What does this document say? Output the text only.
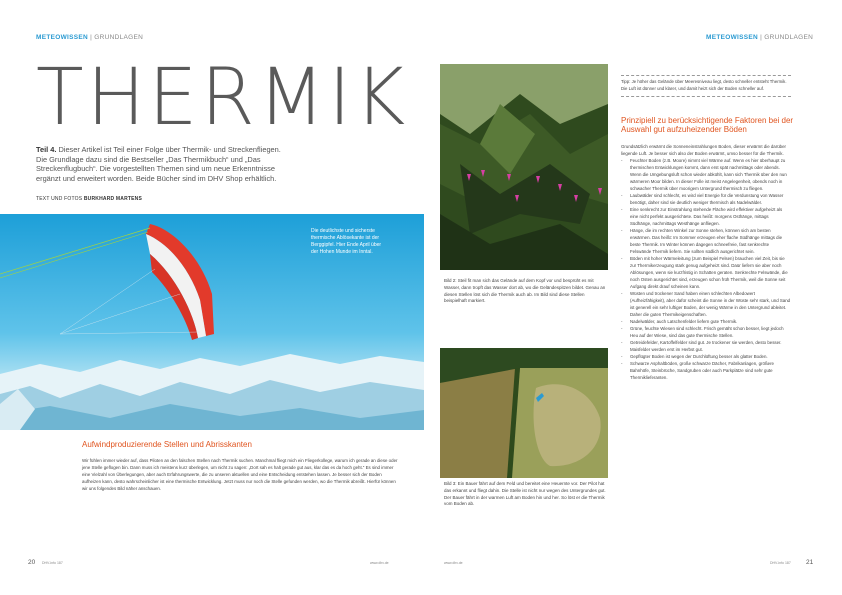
METEOWISSEN | GRUNDLAGEN
THERMIK
Teil 4. Dieser Artikel ist Teil einer Folge über Thermik- und Streckenfliegen. Die Grundlage dazu sind die Bestseller „Das Thermikbuch“ und „Das Streckenflugbuch“. Die vorgestellten Themen sind um neue Erkenntnisse ergänzt und erweitert worden. Beide Bücher sind im DHV Shop erhältlich.
TEXT UND FOTOS BURKHARD MARTENS
Die deutlichste und sicherste thermische Ablösekante ist der Berggipfel. Hier Ende April über der Hohen Munde im Inntal.
Aufwindproduzierende Stellen und Abrisskanten
Wir fühlen immer wieder auf, dass Piloten an den falschen Stellen nach Thermik suchen. Manchmal fliegt mich ein Fliegerkollege, warum ich gerade an diese oder jene Stelle geflogen bin. Dann muss ich meistens kurz überlegen, um nicht zu sagen: „Dort sah es halt gerade gut aus, klar das es da hoch geht.“ Es sind immer eine Vielzahl von Überlegungen, aber auch Erfahrungswerte, die zu unseren aktuellen und eine Entscheidung entstehen lassen. Je besser sich der Boden aufheizen kann, desto wahrscheinlicher ist eine thermische Entwicklung. Jetzt muss nur noch die Stelle gefunden werden, wo die Thermik abreißt. Hierfür können wir uns folgendes Bild näher anschauen.
20 DHV-info 187	www.dhv.de
METEOWISSEN | GRUNDLAGEN
Bild 2: Steil fit man sich das Gelände auf dem Kopf vor und besprüht es mit Wasser, dann tropft das Wasser dort ab, wo die Geländespitzen bildet. Genau an diesen Stellen löst sich die Thermik auch ab. Im Bild sind diese Stellen beispielhaft markiert.
Bild 3: Ein Bauer fährt auf dem Feld und bereitet eine Heuernte vor. Der Pilot hat das erkannt und fliegt dahin. Die Stelle ist nicht nur wegen des Untergrundes gut. Der Bauer fährt in der warmen Luft am Boden hin und her. So löst er die Thermik vom Boden ab.
Tipp: Je höher das Gelände über Meeresniveau liegt, desto schneller entsteht Thermik. Die Luft ist dünner und klarer, und damit heizt sich der Boden schneller auf.
Prinzipiell zu berücksichtigende Faktoren bei der Auswahl gut aufzuheizender Böden

Grundsätzlich erwärmt die Sonneneinstrahlungen Boden, dieser erwärmt die darüber liegende Luft. Je besser sich also der Boden erwärmt, umso besser für die Thermik.

- Feuchter Boden (z.B. Moore) nimmt viel Wärme auf. Wenn es hier überhaupt zu thermischen Entwicklungen kommt, dann erst spät nachmittags oder abends. Wenn die Umgebungsluft schon wieder abkühlt, kann sich Thermik über den nun wärmeren Moor bilden. In dieser Folle ist meist Angelegenheit, obends noch in schwacher Thermik über moorigem Untergrund thermisch zu fliegen.

- Laubwälder sind schlecht, es wird viel Energie für die Verdunstung von Wasser benötigt, daher sind sie deutlich weniger thermisch als Nadelwälder.

- Eine senkrecht zur Einstrahlung stehende Fläche wird effektiver aufgeheizt als eine nicht perfekt ausgerichtete. Das heißt: morgens Osthänge, mittags Südhänge, nachmittags Westhänge anfliegen.

- Hänge, die im rechten Winkel zur Sonne stehen, können sich am besten erwärmen. Das heißt: Im Sommer erzeugen eher flache Südhänge mittags die beste Thermik. Im Winter können dagegen schneefreie, fast senkrechte Felswände Thermik liefern. Sie sollten südlich ausgerichtet sein.

- Böden mit hoher Wärmeleitung (zum Beispiel Felsen) brauchen viel Zeit, bis sie zur Thermikerzeugung stark genug aufgeheizt sind. Daür liefern sie aber noch Ablösungen, wenn sie kurzfristig in Schatten geraten. Senkrechte Felswände, die noch Osten ausgerichtet sind, erzeugen schon früh Thermik, weil die Sonne seit Aufgang direkt drauf scheinen kann.

- Wüsten und trockener Sand haben einen schlechten Albedowert (Aufheizfähigkeit), aber dafür scheint die Sonne in der Wüste sehr stark, und Sand ist generell ein sehr luftiger Boden, der wenig Wärme in den Untergrund ableitet. Daher die guten Thermikeigenschaften.

- Nadelwälder, auch Latschenfelder liefern gute Thermik.

- Grüne, feuchte Wiesen sind schlecht. Frisch gemäht schon besser, liegt jedoch Heu auf der Wiese, sind das gute thermische Stellen.

- Getreidefelder, Kartoffelfelder sind gut. Je trockener sie werden, desto besser. Maisfelder werden erst im Herbst gut.

- Gepflügter Boden ist wegen der Durchlüftung besser als glatter Boden.

- Schwarze Asphaltböden, große schwarze Dächer, Fabrikanlagen, größere Bahnhöfe, Steinbrüche, Sandgruben oder auch Parkplätze sind sehr gute Thermiklieferanten.

www.dhv.de	DHV-info 187 21
